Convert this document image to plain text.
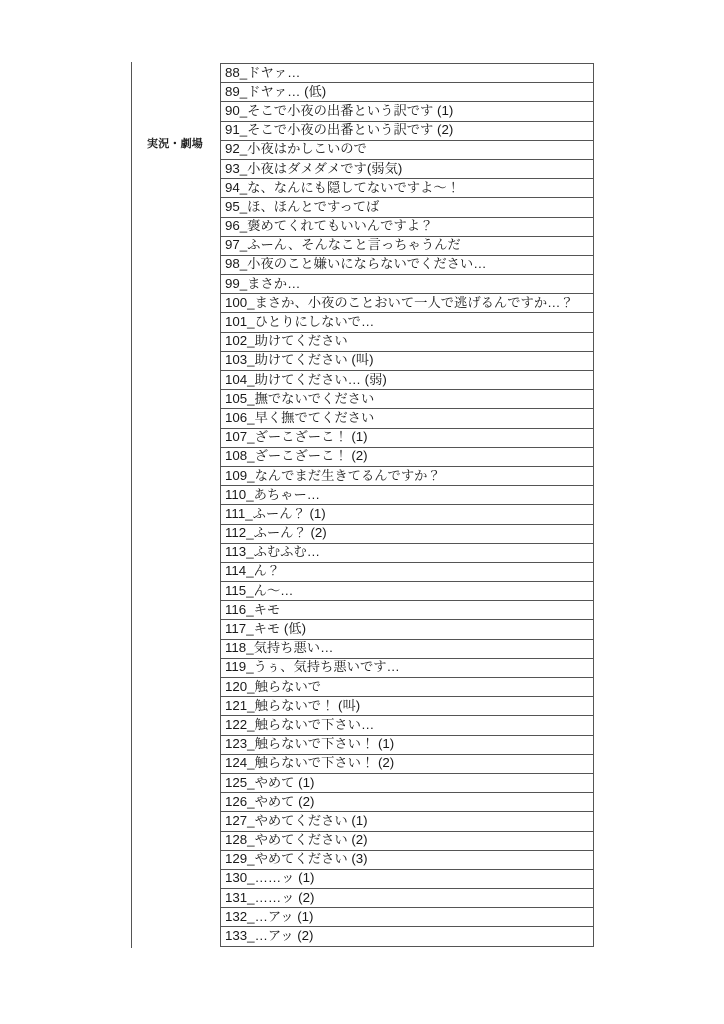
実況・劇場
88_ドヤァ…
89_ドヤァ… (低)
90_そこで小夜の出番という訳です (1)
91_そこで小夜の出番という訳です (2)
92_小夜はかしこいので
93_小夜はダメダメです(弱気)
94_な、なんにも隠してないですよ～！
95_ほ、ほんとですってば
96_褒めてくれてもいいんですよ？
97_ふーん、そんなこと言っちゃうんだ
98_小夜のこと嫌いにならないでください…
99_まさか…
100_まさか、小夜のことおいて一人で逃げるんですか…？
101_ひとりにしないで…
102_助けてください
103_助けてください (叫)
104_助けてください… (弱)
105_撫でないでください
106_早く撫でてください
107_ざーこざーこ！ (1)
108_ざーこざーこ！ (2)
109_なんでまだ生きてるんですか？
110_あちゃー…
111_ふーん？ (1)
112_ふーん？ (2)
113_ふむふむ…
114_ん？
115_ん～…
116_キモ
117_キモ (低)
118_気持ち悪い…
119_うぅ、気持ち悪いです…
120_触らないで
121_触らないで！ (叫)
122_触らないで下さい…
123_触らないで下さい！ (1)
124_触らないで下さい！ (2)
125_やめて (1)
126_やめて (2)
127_やめてください (1)
128_やめてください (2)
129_やめてください (3)
130_……ッ (1)
131_……ッ (2)
132_…アッ (1)
133_…アッ (2)
